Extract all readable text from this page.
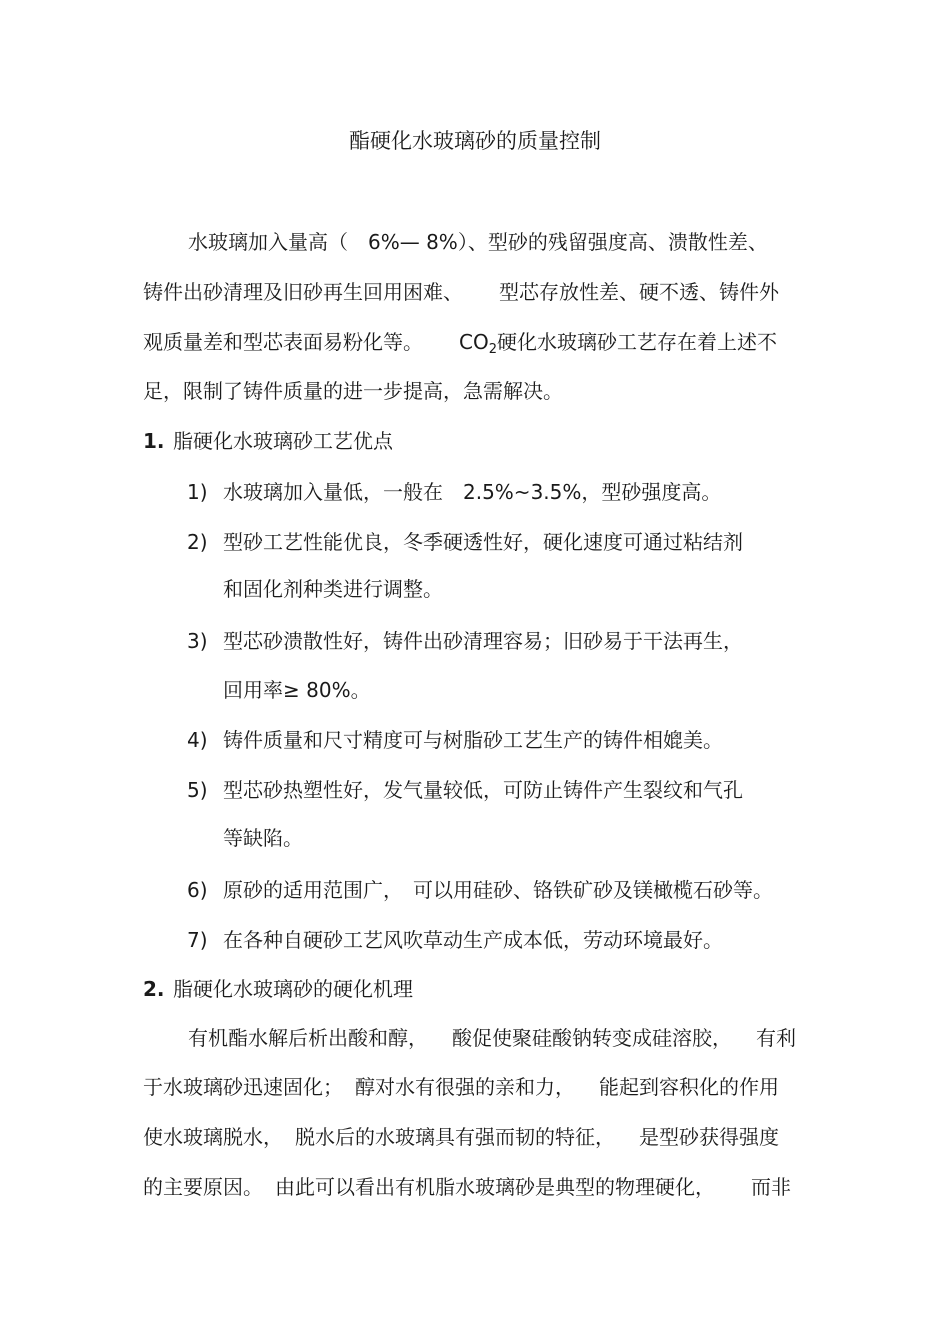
酯硬化水玻璃砂的质量控制

水玻璃加入量高（　6%— 8%）、型砂的残留强度高、溃散性差、

铸件出砂清理及旧砂再生回用困难、 型芯存放性差、硬不透、铸件外

观质量差和型芯表面易粉化等。 $CO_2$硬化水玻璃砂工艺存在着上述不

足，限制了铸件质量的进一步提高，急需解决。

1. 脂硬化水玻璃砂工艺优点

1) 水玻璃加入量低，一般在　2.5%~3.5%，型砂强度高。

2) 型砂工艺性能优良，冬季硬透性好，硬化速度可通过粘结剂

和固化剂种类进行调整。

3) 型芯砂溃散性好，铸件出砂清理容易；旧砂易于干法再生，

回用率≥ 80%。

4) 铸件质量和尺寸精度可与树脂砂工艺生产的铸件相媲美。

5) 型芯砂热塑性好，发气量较低，可防止铸件产生裂纹和气孔

等缺陷。

6) 原砂的适用范围广，　可以用硅砂、铬铁矿砂及镁橄榄石砂等。

7) 在各种自硬砂工艺风吹草动生产成本低，劳动环境最好。

2. 脂硬化水玻璃砂的硬化机理

有机酯水解后析出酸和醇， 酸促使聚硅酸钠转变成硅溶胶， 有利

于水玻璃砂迅速固化； 醇对水有很强的亲和力， 能起到容积化的作用

使水玻璃脱水， 脱水后的水玻璃具有强而韧的特征， 是型砂获得强度

的主要原因。 由此可以看出有机脂水玻璃砂是典型的物理硬化， 而非
